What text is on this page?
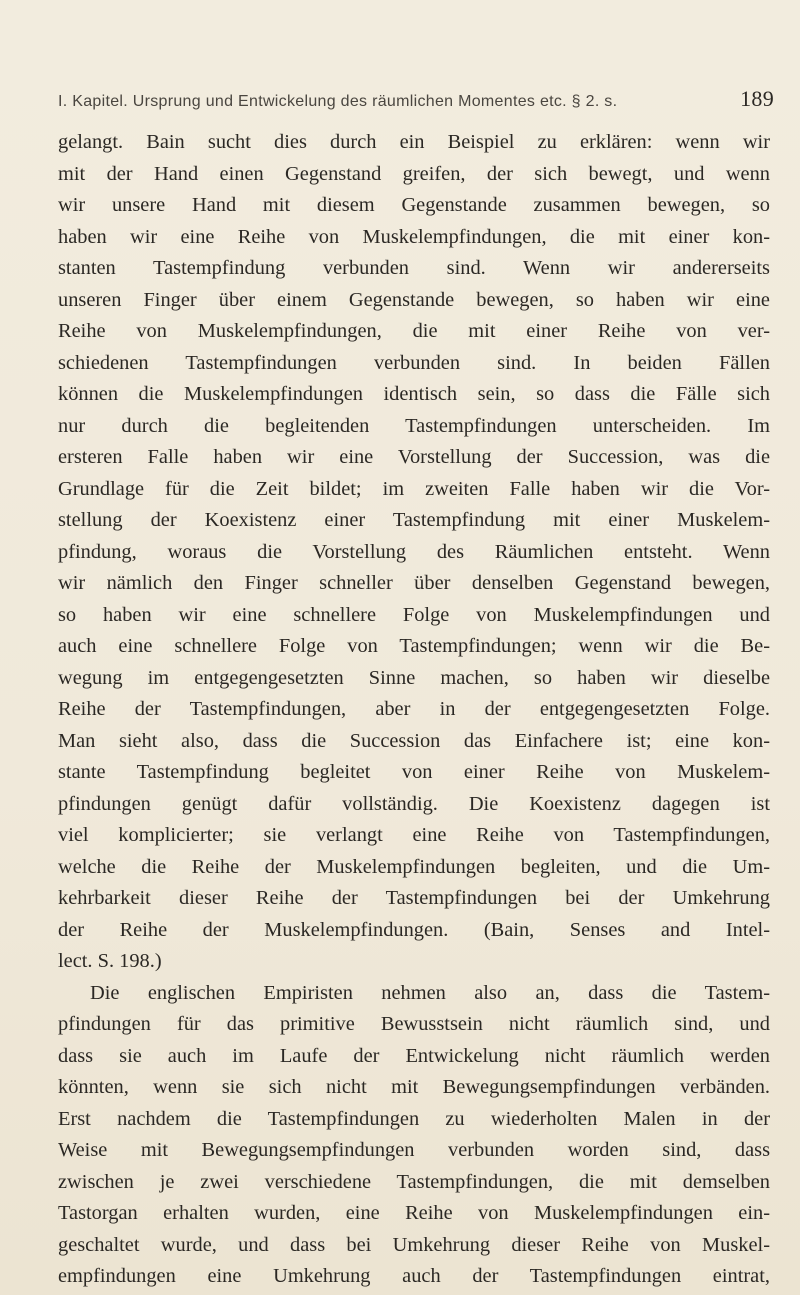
I. Kapitel. Ursprung und Entwickelung des räumlichen Momentes etc. § 2. s.	189
gelangt. Bain sucht dies durch ein Beispiel zu erklären: wenn wir
mit der Hand einen Gegenstand greifen, der sich bewegt, und wenn
wir unsere Hand mit diesem Gegenstande zusammen bewegen, so
haben wir eine Reihe von Muskelempfindungen, die mit einer kon-
stanten Tastempfindung verbunden sind. Wenn wir andererseits
unseren Finger über einem Gegenstande bewegen, so haben wir eine
Reihe von Muskelempfindungen, die mit einer Reihe von ver-
schiedenen Tastempfindungen verbunden sind. In beiden Fällen
können die Muskelempfindungen identisch sein, so dass die Fälle sich
nur durch die begleitenden Tastempfindungen unterscheiden. Im
ersteren Falle haben wir eine Vorstellung der Succession, was die
Grundlage für die Zeit bildet; im zweiten Falle haben wir die Vor-
stellung der Koexistenz einer Tastempfindung mit einer Muskelem-
pfindung, woraus die Vorstellung des Räumlichen entsteht. Wenn
wir nämlich den Finger schneller über denselben Gegenstand bewegen,
so haben wir eine schnellere Folge von Muskelempfindungen und
auch eine schnellere Folge von Tastempfindungen; wenn wir die Be-
wegung im entgegengesetzten Sinne machen, so haben wir dieselbe
Reihe der Tastempfindungen, aber in der entgegengesetzten Folge.
Man sieht also, dass die Succession das Einfachere ist; eine kon-
stante Tastempfindung begleitet von einer Reihe von Muskelem-
pfindungen genügt dafür vollständig. Die Koexistenz dagegen ist
viel komplicierter; sie verlangt eine Reihe von Tastempfindungen,
welche die Reihe der Muskelempfindungen begleiten, und die Um-
kehrbarkeit dieser Reihe der Tastempfindungen bei der Umkehrung
der Reihe der Muskelempfindungen. (Bain, Senses and Intel-
lect. S. 198.)
Die englischen Empiristen nehmen also an, dass die Tastem-
pfindungen für das primitive Bewusstsein nicht räumlich sind, und
dass sie auch im Laufe der Entwickelung nicht räumlich werden
könnten, wenn sie sich nicht mit Bewegungsempfindungen verbänden.
Erst nachdem die Tastempfindungen zu wiederholten Malen in der
Weise mit Bewegungsempfindungen verbunden worden sind, dass
zwischen je zwei verschiedene Tastempfindungen, die mit demselben
Tastorgan erhalten wurden, eine Reihe von Muskelempfindungen ein-
geschaltet wurde, und dass bei Umkehrung dieser Reihe von Muskel-
empfindungen eine Umkehrung auch der Tastempfindungen eintrat,
